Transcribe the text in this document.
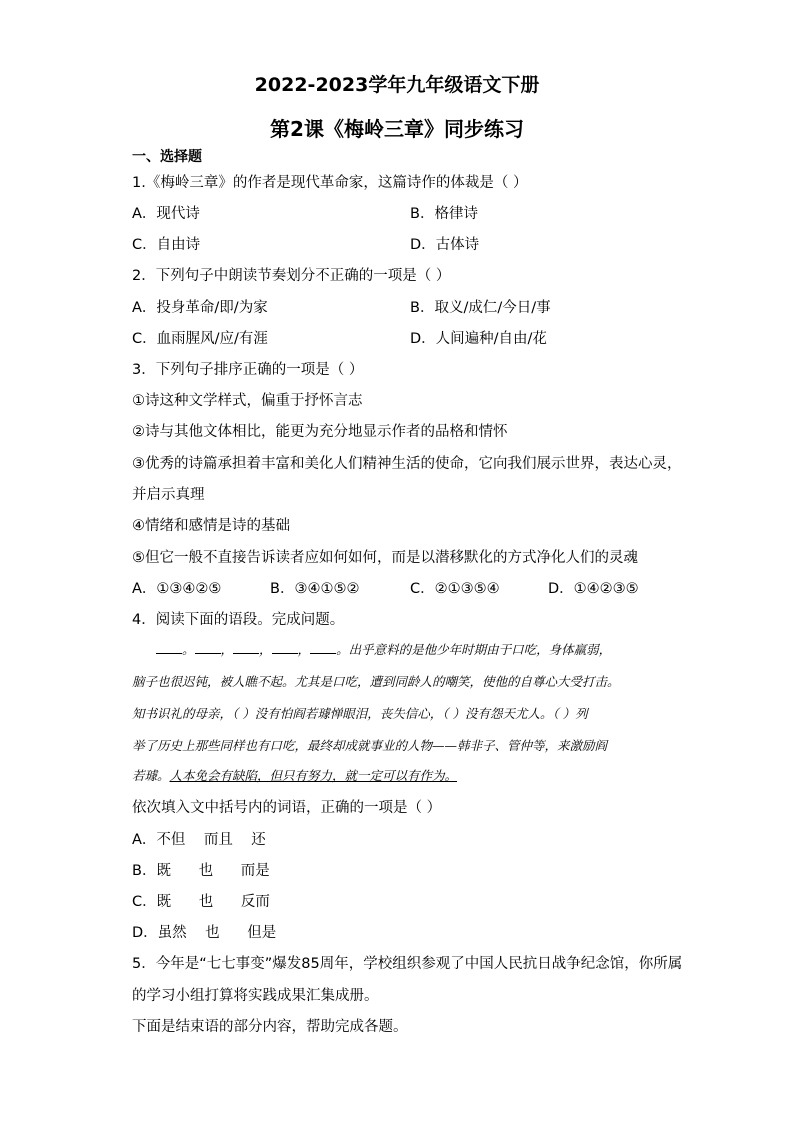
2022-2023学年九年级语文下册
第2课《梅岭三章》同步练习
一、选择题
1.《梅岭三章》的作者是现代革命家，这篇诗作的体裁是（ ）
A．现代诗	B．格律诗
C．自由诗	D．古体诗
2．下列句子中朗读节奏划分不正确的一项是（ ）
A．投身革命/即/为家	B．取义/成仁/今日/事
C．血雨腥风/应/有涯	D．人间遍种/自由/花
3．下列句子排序正确的一项是（ ）
①诗这种文学样式，偏重于抒怀言志
②诗与其他文体相比，能更为充分地显示作者的品格和情怀
③优秀的诗篇承担着丰富和美化人们精神生活的使命，它向我们展示世界，表达心灵，
并启示真理
④情绪和感情是诗的基础
⑤但它一般不直接告诉读者应如何如何，而是以潜移默化的方式净化人们的灵魂
A．①③④②⑤	B．③④①⑤②	C．②①③⑤④	D．①④②③⑤
4．阅读下面的语段。完成问题。
。 ， ， ， 。出乎意料的是他少年时期由于口吃，身体羸弱，
脑子也很迟钝，被人瞧不起。尤其是口吃，遭到同龄人的嘲笑，使他的自尊心大受打击。
知书识礼的母亲，（ ）没有怕阎若璩惮眼泪，丧失信心，（ ）没有怨天尤人。（ ）列
举了历史上那些同样也有口吃，最终却成就事业的人物——韩非子、管仲等，来激励阎
若璩。人本免会有缺陷，但只有努力，就一定可以有作为。
依次填入文中括号内的词语，正确的一项是（ ）
A．不但    而且    还
B．既      也      而是
C．既      也      反而
D．虽然    也      但是
5．今年是“七七事变”爆发85周年，学校组织参观了中国人民抗日战争纪念馆，你所属
的学习小组打算将实践成果汇集成册。
下面是结束语的部分内容，帮助完成各题。
